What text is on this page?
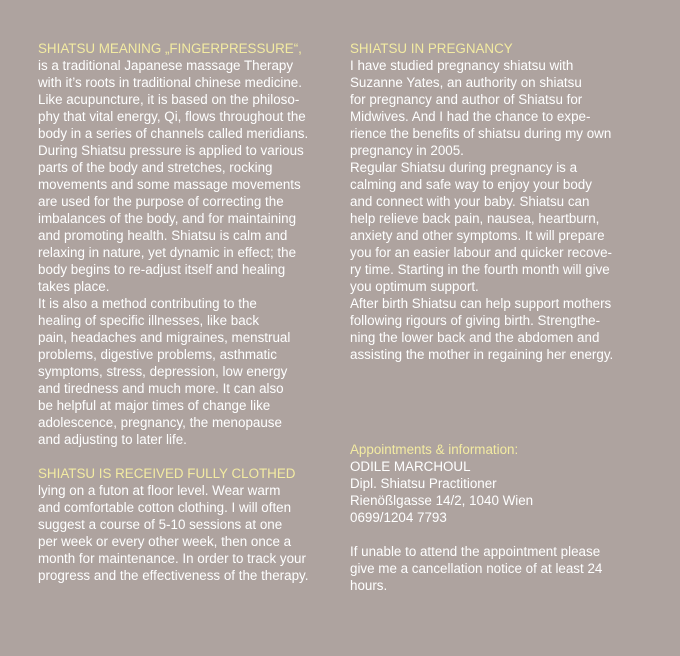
SHIATSU MEANING „FINGERPRESSURE“,

is a traditional Japanese massage Therapy
with it’s roots in traditional chinese medicine.
Like acupuncture, it is based on the philoso-
phy that vital energy, Qi, flows throughout the
body in a series of channels called meridians.
During Shiatsu pressure is applied to various
parts of the body and stretches, rocking
movements and some massage movements
are used for the purpose of correcting the
imbalances of the body, and for maintaining
and promoting health. Shiatsu is calm and
relaxing in nature, yet dynamic in effect; the
body begins to re-adjust itself and healing
takes place.
It is also a method contributing to the
healing of specific illnesses, like back
pain, headaches and migraines, menstrual
problems, digestive problems, asthmatic
symptoms, stress, depression, low energy
and tiredness and much more. It can also
be helpful at major times of change like
adolescence, pregnancy, the menopause
and adjusting to later life.

SHIATSU IS RECEIVED FULLY CLOTHED

lying on a futon at floor level. Wear warm
and comfortable cotton clothing. I will often
suggest a course of 5-10 sessions at one
per week or every other week, then once a
month for maintenance. In order to track your
progress and the effectiveness of the therapy.

SHIATSU IN PREGNANCY

I have studied pregnancy shiatsu with
Suzanne Yates, an authority on shiatsu
for pregnancy and author of Shiatsu for
Midwives. And I had the chance to expe-
rience the benefits of shiatsu during my own
pregnancy in 2005.
Regular Shiatsu during pregnancy is a
calming and safe way to enjoy your body
and connect with your baby. Shiatsu can
help relieve back pain, nausea, heartburn,
anxiety and other symptoms. It will prepare
you for an easier labour and quicker recove-
ry time. Starting in the fourth month will give
you optimum support.
After birth Shiatsu can help support mothers
following rigours of giving birth. Strengthe-
ning the lower back and the abdomen and
assisting the mother in regaining her energy.

Appointments & information:
ODILE MARCHOUL
Dipl. Shiatsu Practitioner
Rienößlgasse 14/2, 1040 Wien
0699/1204 7793

If unable to attend the appointment please
give me a cancellation notice of at least 24
hours.
